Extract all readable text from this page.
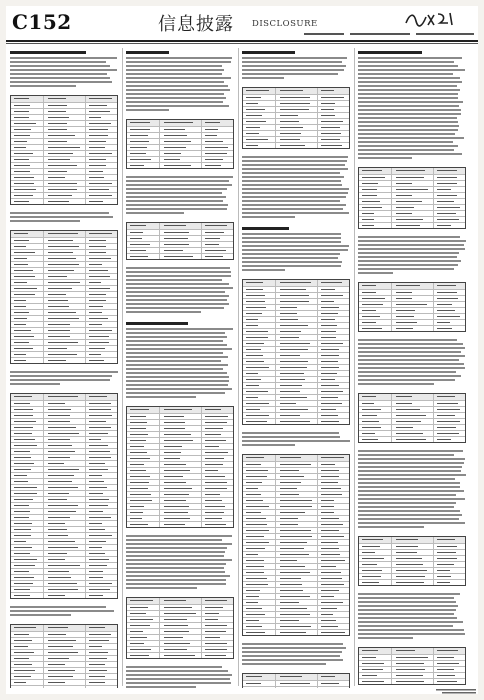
C152	信息披露 DISCLOSURE
